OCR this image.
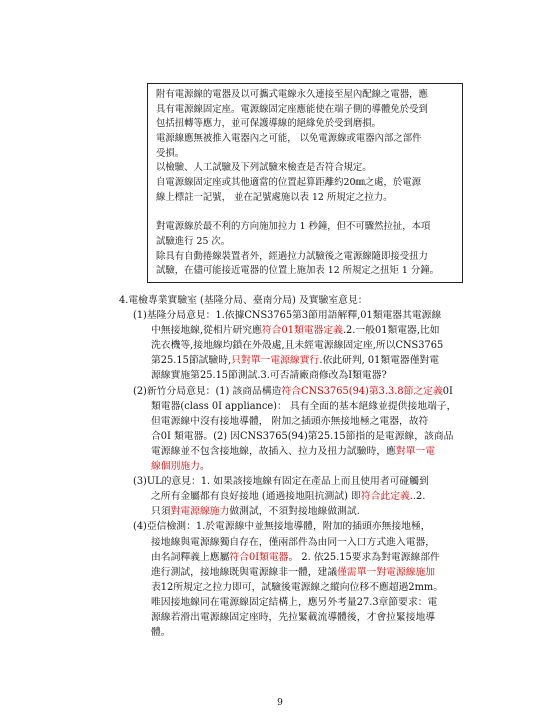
附有電源線的電器及以可攜式電線永久連接至屋內配線之電器，應
具有電源線固定座。電源線固定座應能使在端子側的導體免於受到
包括扭轉等應力，並可保護導線的絕緣免於受到磨損。
電源線應無被推入電器內之可能， 以免電源線或電器內部之部件
受損。
以檢驗、人工試驗及下列試驗來檢查是否符合規定。
自電源線固定座或其他適當的位置起算距離約20㎜之處，於電源
線上標註一記號， 並在記號處施以表 12 所規定之拉力。
對電源線於最不利的方向施加拉力 1 秒鐘，但不可驟然拉扯，本項
試驗進行 25 次。
除具有自動捲線裝置者外，經過拉力試驗後之電源線隨即接受扭力
試驗，在儘可能接近電器的位置上施加表 12 所規定之扭矩 1 分鐘。
4.電檢專業實驗室 (基隆分局、臺南分局) 及實驗室意見：
(1)基隆分局意見：1.依據CNS3765第3節用語解釋,01類電器其電源線
中無接地線,從相片研究應符合01類電器定義.2.一般01類電器,比如
洗衣機等,接地線均鎖在外殼處,且未經電源線固定座,所以CNS3765
第25.15節試驗時,只對單一電源線實行.依此研判, 01類電器僅對電
源線實施第25.15節測試.3.可否請廠商修改為I類電器?
(2)新竹分局意見：(1) 該商品構造符合CNS3765(94)第3.3.8節之定義0I
類電器(class 0I appliance)： 具有全面的基本絕緣並提供接地端子，
但電源線中沒有接地導體， 附加之插頭亦無接地極之電器，故符
合0I 類電器。(2) 因CNS3765(94)第25.15節指的是電源線，該商品
電源線並不包含接地線，故插入、拉力及扭力試驗時，應對單一電
線個別施力。
(3)UL的意見：1. 如果該接地線有固定在產品上而且使用者可碰觸到
之所有金屬都有良好接地 (通過接地阻抗測試) 即符合此定義..2.
只須對電源線施力做測試，不須對接地線做測試.
(4)亞信檢測：1.於電源線中並無接地導體，附加的插頭亦無接地極，
接地線與電源線獨自存在，僅兩部件為由同一入口方式進入電器，
由名詞釋義上應屬符合0I類電器。 2. 依25.15要求為對電源線部件
進行測試，接地線既與電源線非一體，建議僅需單一對電源線施加
表12所規定之拉力即可，試驗後電源線之縱向位移不應超過2mm。
唯因接地線同在電源線固定結構上，應另外考量27.3章節要求：電
源線若滑出電源線固定座時，先拉緊載流導體後，才會拉緊接地導
體。
9
